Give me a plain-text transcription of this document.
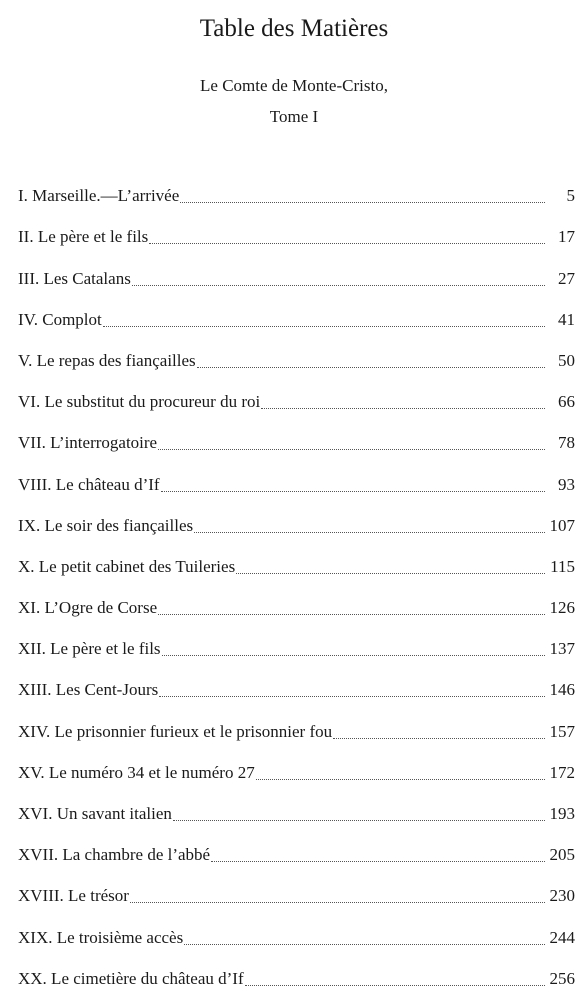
Table des Matières
Le Comte de Monte-Cristo,
Tome I
I. Marseille.—L’arrivée	5
II. Le père et le fils	17
III. Les Catalans	27
IV. Complot	41
V. Le repas des fiançailles	50
VI. Le substitut du procureur du roi	66
VII. L’interrogatoire	78
VIII. Le château d’If	93
IX. Le soir des fiançailles	107
X. Le petit cabinet des Tuileries	115
XI. L’Ogre de Corse	126
XII. Le père et le fils	137
XIII. Les Cent-Jours	146
XIV. Le prisonnier furieux et le prisonnier fou	157
XV. Le numéro 34 et le numéro 27	172
XVI. Un savant italien	193
XVII. La chambre de l’abbé	205
XVIII. Le trésor	230
XIX. Le troisième accès	244
XX. Le cimetière du château d’If	256
